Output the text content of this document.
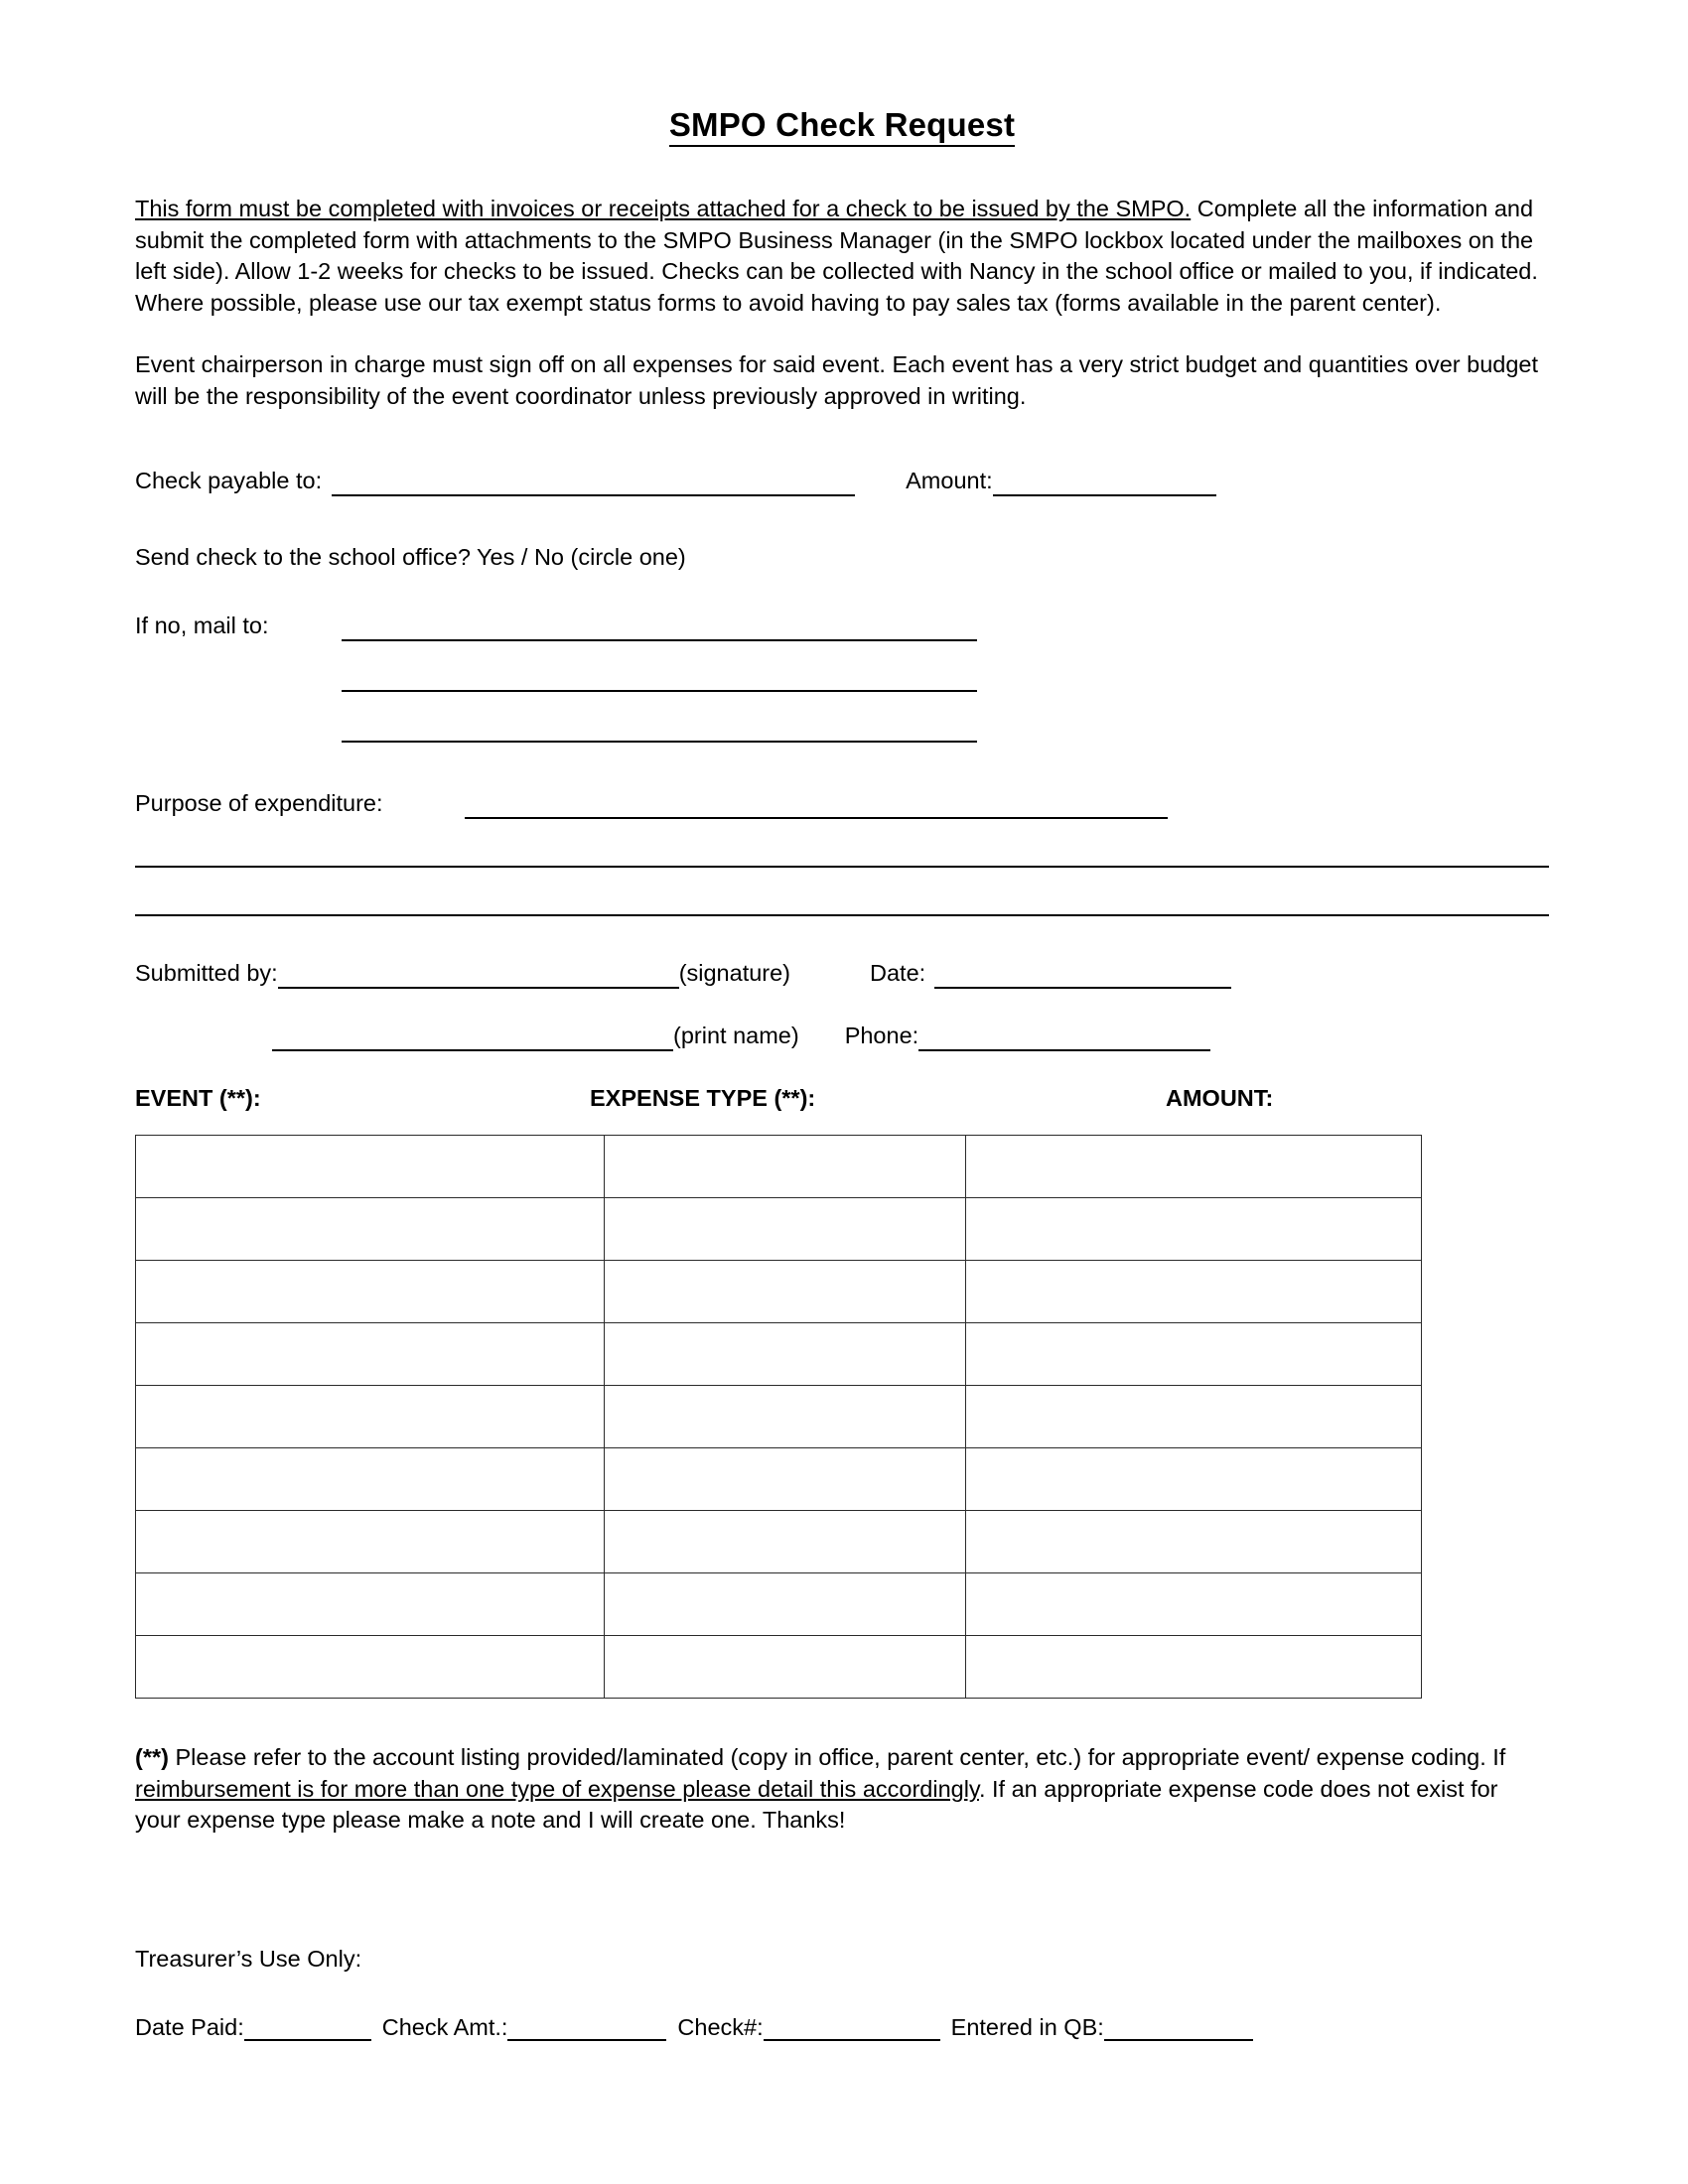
SMPO Check Request

This form must be completed with invoices or receipts attached for a check to be issued by the SMPO. Complete all the information and submit the completed form with attachments to the SMPO Business Manager (in the SMPO lockbox located under the mailboxes on the left side). Allow 1-2 weeks for checks to be issued. Checks can be collected with Nancy in the school office or mailed to you, if indicated. Where possible, please use our tax exempt status forms to avoid having to pay sales tax (forms available in the parent center).

Event chairperson in charge must sign off on all expenses for said event. Each event has a very strict budget and quantities over budget will be the responsibility of the event coordinator unless previously approved in writing.

Check payable to:	Amount:
Send check to the school office? Yes / No (circle one)
If no, mail to:
Purpose of expenditure:
Submitted by:	(signature)	Date:
(print name) Phone:
EVENT (**):	EXPENSE TYPE (**):	AMOUNT:

(**) Please refer to the account listing provided/laminated (copy in office, parent center, etc.) for appropriate event/ expense coding. If reimbursement is for more than one type of expense please detail this accordingly. If an appropriate expense code does not exist for your expense type please make a note and I will create one. Thanks!

Treasurer’s Use Only:
Date Paid:	Check Amt.:	Check#:	Entered in QB:
